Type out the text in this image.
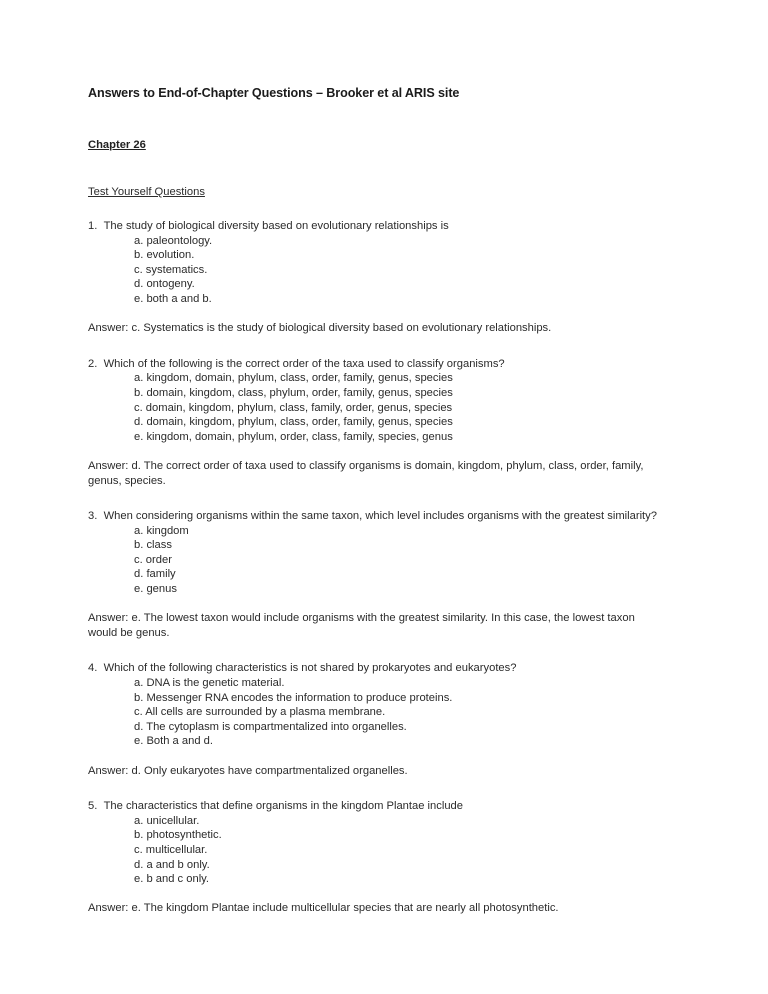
Answers to End-of-Chapter Questions – Brooker et al ARIS site
Chapter 26
Test Yourself Questions

1. The study of biological diversity based on evolutionary relationships is

a. paleontology.
b. evolution.
c. systematics.
d. ontogeny.
e. both a and b.

Answer: c. Systematics is the study of biological diversity based on evolutionary relationships.

2. Which of the following is the correct order of the taxa used to classify organisms?

a. kingdom, domain, phylum, class, order, family, genus, species
b. domain, kingdom, class, phylum, order, family, genus, species
c. domain, kingdom, phylum, class, family, order, genus, species
d. domain, kingdom, phylum, class, order, family, genus, species
e. kingdom, domain, phylum, order, class, family, species, genus

Answer: d. The correct order of taxa used to classify organisms is domain, kingdom, phylum, class, order, family, genus, species.

3. When considering organisms within the same taxon, which level includes organisms with the greatest similarity?

a. kingdom
b. class
c. order
d. family
e. genus

Answer: e. The lowest taxon would include organisms with the greatest similarity. In this case, the lowest taxon would be genus.

4. Which of the following characteristics is not shared by prokaryotes and eukaryotes?

a. DNA is the genetic material.
b. Messenger RNA encodes the information to produce proteins.
c. All cells are surrounded by a plasma membrane.
d. The cytoplasm is compartmentalized into organelles.
e. Both a and d.

Answer: d. Only eukaryotes have compartmentalized organelles.

5. The characteristics that define organisms in the kingdom Plantae include

a. unicellular.
b. photosynthetic.
c. multicellular.
d. a and b only.
e. b and c only.

Answer: e. The kingdom Plantae include multicellular species that are nearly all photosynthetic.
